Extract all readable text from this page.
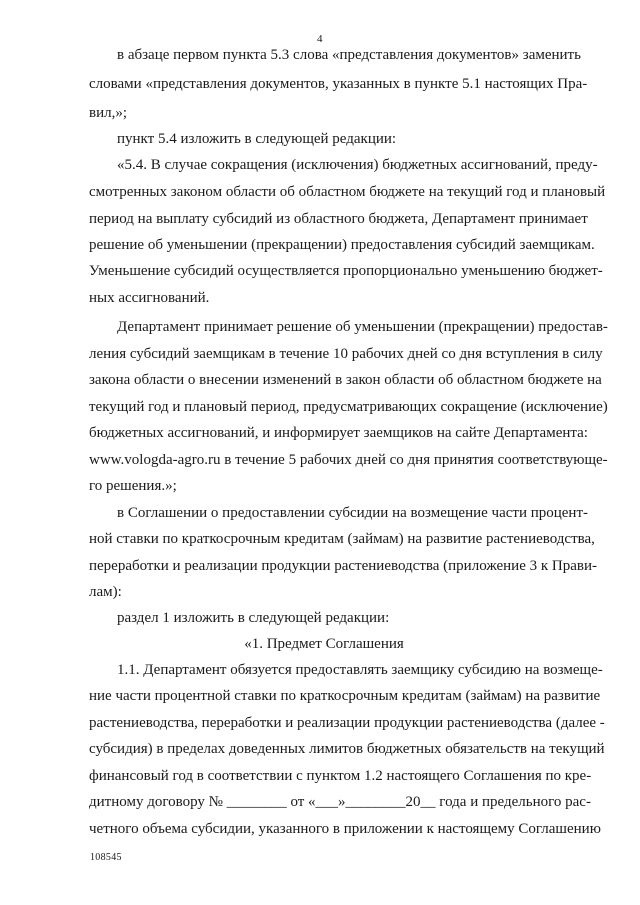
4
в абзаце первом пункта 5.3 слова «представления документов» заменить
словами «представления документов, указанных в пункте 5.1 настоящих Пра-
вил,»;
пункт 5.4 изложить в следующей редакции:
«5.4. В случае сокращения (исключения) бюджетных ассигнований, преду-
смотренных законом области об областном бюджете на текущий год и плановый
период на выплату субсидий из областного бюджета, Департамент принимает
решение об уменьшении (прекращении) предоставления субсидий заемщикам.
Уменьшение субсидий осуществляется пропорционально уменьшению бюджет-
ных ассигнований.
Департамент принимает решение об уменьшении (прекращении) предостав-
ления субсидий заемщикам в течение 10 рабочих дней со дня вступления в силу
закона области о внесении изменений в закон области об областном бюджете на
текущий год и плановый период, предусматривающих сокращение (исключение)
бюджетных ассигнований, и информирует заемщиков на сайте Департамента:
www.vologda-agro.ru в течение 5 рабочих дней со дня принятия соответствующе-
го решения.»;
в Соглашении о предоставлении субсидии на возмещение части процент-
ной ставки по краткосрочным кредитам (займам) на развитие растениеводства,
переработки и реализации продукции растениеводства (приложение 3 к Прави-
лам):
раздел 1 изложить в следующей редакции:
«1. Предмет Соглашения
1.1. Департамент обязуется предоставлять заемщику субсидию на возмеще-
ние части процентной ставки по краткосрочным кредитам (займам) на развитие
растениеводства, переработки и реализации продукции растениеводства (далее -
субсидия) в пределах доведенных лимитов бюджетных обязательств на текущий
финансовый год в соответствии с пунктом 1.2 настоящего Соглашения по кре-
дитному договору № ________ от «___»________20__ года и предельного рас-
четного объема субсидии, указанного в приложении к настоящему Соглашению
108545
